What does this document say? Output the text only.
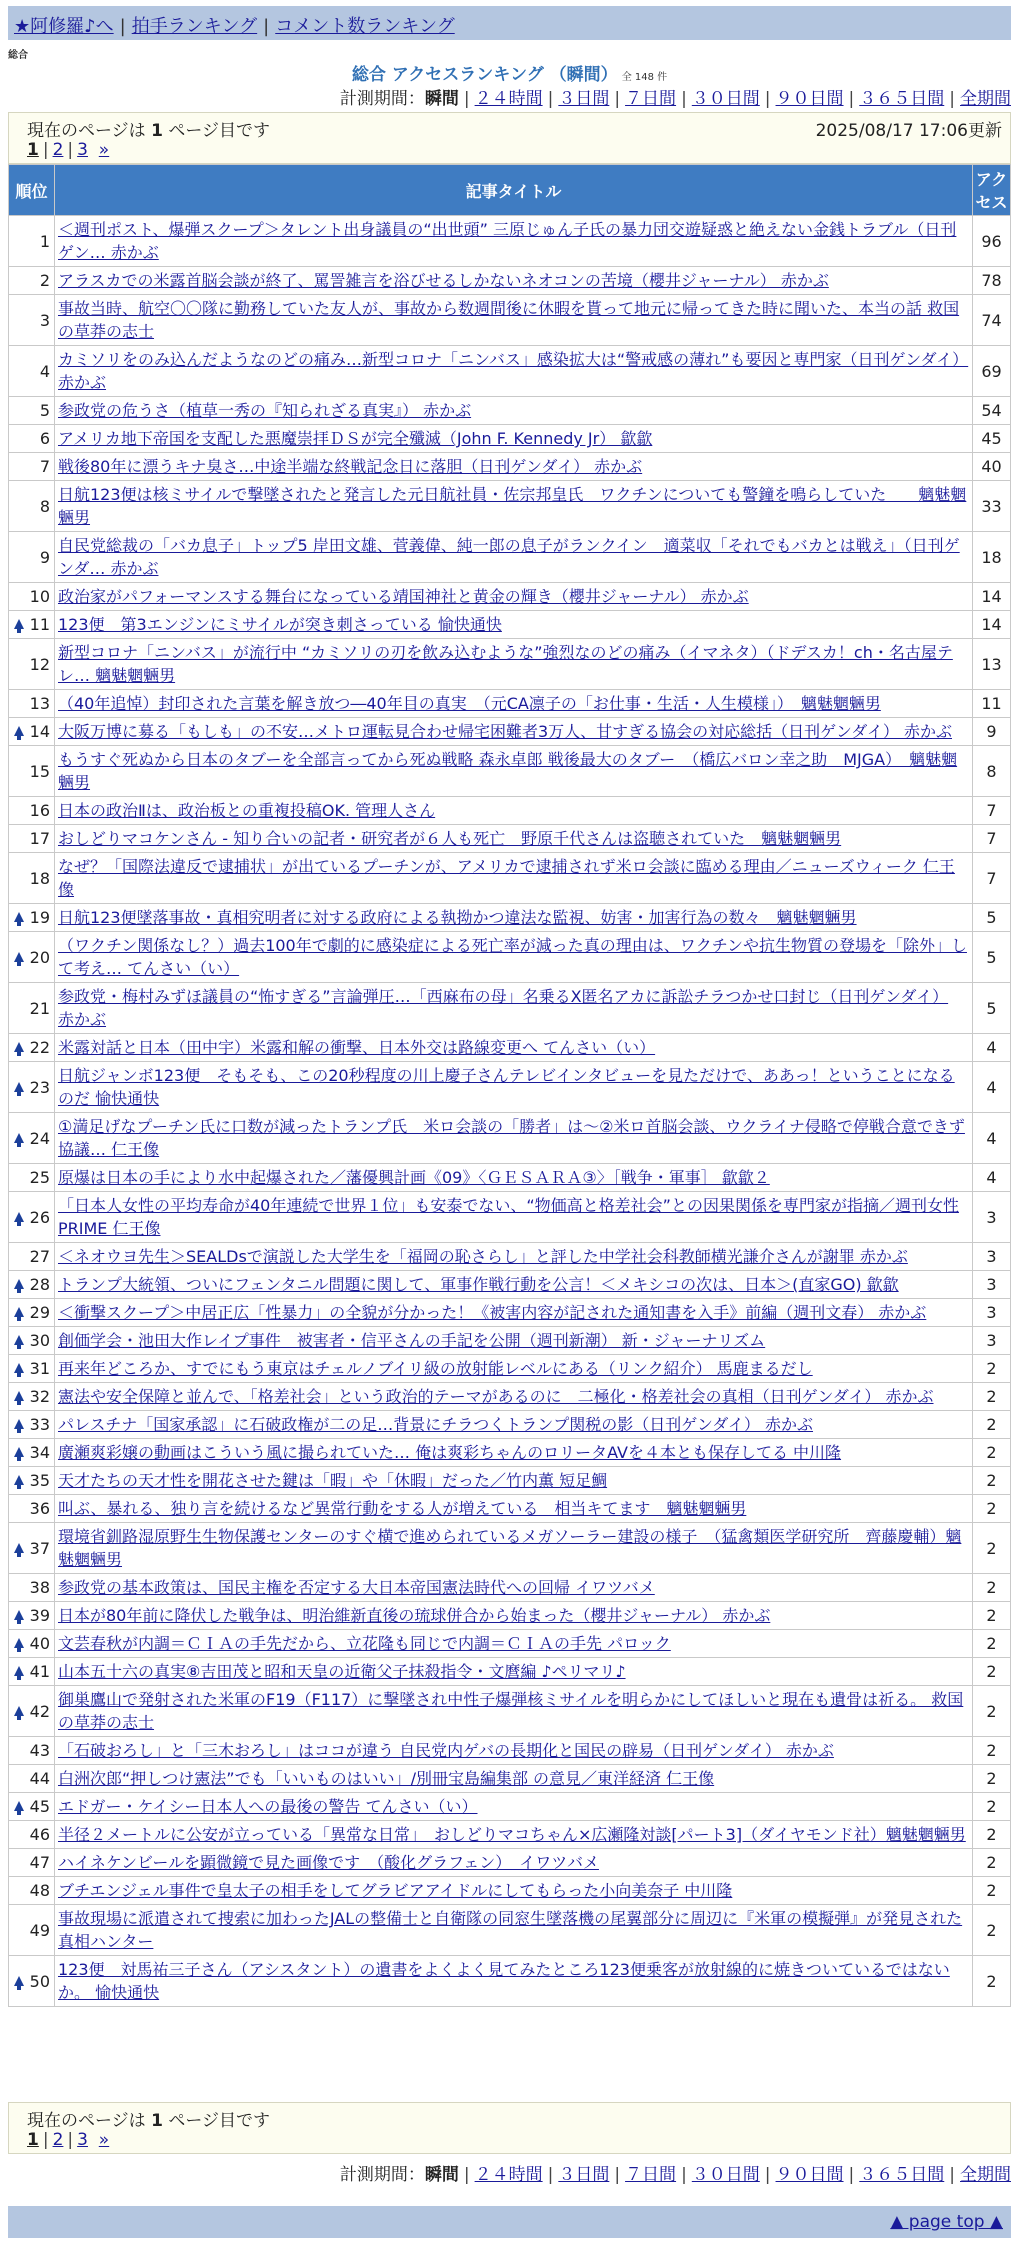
★阿修羅♪へ | 拍手ランキング | コメント数ランキング
総合
総合 アクセスランキング （瞬間） 全 148 件
計測期間：瞬間 | ２４時間 | ３日間 | ７日間 | ３０日間 | ９０日間 | ３６５日間 | 全期間
現在のページは 1 ページ目です	2025/08/17 17:06更新
1 | 2 | 3 »
順位	記事タイトル	アクセス
1	＜週刊ポスト、爆弾スクープ＞タレント出身議員の“出世頭” 三原じゅん子氏の暴力団交遊疑惑と絶えない金銭トラブル（日刊ゲン… 赤かぶ	96
2	アラスカでの米露首脳会談が終了、罵詈雑言を浴びせるしかないネオコンの苦境（櫻井ジャーナル） 赤かぶ	78
3	事故当時、航空〇〇隊に勤務していた友人が、事故から数週間後に休暇を貰って地元に帰ってきた時に聞いた、本当の話 救国の草莽の志士	74
4	カミソリをのみ込んだようなのどの痛み…新型コロナ「ニンバス」感染拡大は“警戒感の薄れ”も要因と専門家（日刊ゲンダイ） 赤かぶ	69
5	参政党の危うさ（植草一秀の『知られざる真実』） 赤かぶ	54
6	アメリカ地下帝国を支配した悪魔崇拝ＤＳが完全殲滅（John F. Kennedy Jr） 歙歙	45
7	戦後80年に漂うキナ臭さ…中途半端な終戦記念日に落胆（日刊ゲンダイ） 赤かぶ	40
8	日航123便は核ミサイルで撃墜されたと発言した元日航社員・佐宗邦皇氏　ワクチンについても警鐘を鳴らしていた　　魑魅魍魎男	33
9	自民党総裁の「バカ息子」トップ5 岸田文雄、菅義偉、純一郎の息子がランクイン　適菜収「それでもバカとは戦え」（日刊ゲンダ… 赤かぶ	18
10	政治家がパフォーマンスする舞台になっている靖国神社と黄金の輝き（櫻井ジャーナル） 赤かぶ	14
11	123便　第3エンジンにミサイルが突き刺さっている 愉快通快	14
12	新型コロナ「ニンバス」が流行中 “カミソリの刃を飲み込むような”強烈なのどの痛み（イマネタ）（ドデスカ！ch・名古屋テレ… 魑魅魍魎男	13
13	（40年追悼）封印された言葉を解き放つ―40年目の真実　（元CA凛子の「お仕事・生活・人生模様」）　魑魅魍魎男	11
14	大阪万博に募る「もしも」の不安…メトロ運転見合わせ帰宅困難者3万人、甘すぎる協会の対応総括（日刊ゲンダイ） 赤かぶ	9
15	もうすぐ死ぬから日本のタブーを全部言ってから死ぬ戦略 森永卓郎 戦後最大のタブー　（橋広バロン幸之助　MJGA）　魑魅魍魎男	8
16	日本の政治Ⅱは、政治板との重複投稿OK. 管理人さん	7
17	おしどりマコケンさん - 知り合いの記者・研究者が６人も死亡　野原千代さんは盗聴されていた　魑魅魍魎男	7
18	なぜ？「国際法違反で逮捕状」が出ているプーチンが、アメリカで逮捕されず米ロ会談に臨める理由／ニューズウィーク 仁王像	7
19	日航123便墜落事故・真相究明者に対する政府による執拗かつ違法な監視、妨害・加害行為の数々　魑魅魍魎男	5
20	（ワクチン関係なし？）過去100年で劇的に感染症による死亡率が減った真の理由は、ワクチンや抗生物質の登場を「除外」して考え… てんさい（い）	5
21	参政党・梅村みずほ議員の“怖すぎる”言論弾圧…「西麻布の母」名乗るX匿名アカに訴訟チラつかせ口封じ（日刊ゲンダイ） 赤かぶ	5
22	米露対話と日本（田中宇）米露和解の衝撃、日本外交は路線変更へ てんさい（い）	4
23	日航ジャンボ123便　そもそも、この20秒程度の川上慶子さんテレビインタビューを見ただけで、ああっ！ということになるのだ 愉快通快	4
24	①満足げなプーチン氏に口数が減ったトランプ氏　米ロ会談の「勝者」は～②米ロ首脳会談、ウクライナ侵略で停戦合意できず協議… 仁王像	4
25	原爆は日本の手により水中起爆された／藩優興計画《09》〈ＧＥＳＡＲＡ③〉［戦争・軍事］ 歙歙２	4
26	「日本人女性の平均寿命が40年連続で世界１位」も安泰でない、“物価高と格差社会”との因果関係を専門家が指摘／週刊女性PRIME 仁王像	3
27	＜ネオウヨ先生＞SEALDsで演説した大学生を「福岡の恥さらし」と評した中学社会科教師横光謙介さんが謝罪 赤かぶ	3
28	トランプ大統領、ついにフェンタニル問題に関して、軍事作戦行動を公言！＜メキシコの次は、日本＞(直家GO) 歙歙	3
29	＜衝撃スクープ＞中居正広「性暴力」の全貌が分かった！《被害内容が記された通知書を入手》前編（週刊文春） 赤かぶ	3
30	創価学会・池田大作レイプ事件　被害者・信平さんの手記を公開（週刊新潮） 新・ジャーナリズム	3
31	再来年どころか、すでにもう東京はチェルノブイリ級の放射能レベルにある（リンク紹介） 馬鹿まるだし	2
32	憲法や安全保障と並んで、「格差社会」という政治的テーマがあるのに　二極化・格差社会の真相（日刊ゲンダイ） 赤かぶ	2
33	パレスチナ「国家承認」に石破政権が二の足…背景にチラつくトランプ関税の影（日刊ゲンダイ） 赤かぶ	2
34	廣瀬爽彩嬢の動画はこういう風に撮られていた… 俺は爽彩ちゃんのロリータAVを４本とも保存してる 中川隆	2
35	天才たちの天才性を開花させた鍵は「暇」や「休暇」だった／竹内薫 短足鯛	2
36	叫ぶ、暴れる、独り言を続けるなど異常行動をする人が増えている　相当キてます　魑魅魍魎男	2
37	環境省釧路湿原野生生物保護センターのすぐ横で進められているメガソーラー建設の様子　（猛禽類医学研究所　齊藤慶輔）魑魅魍魎男	2
38	参政党の基本政策は、国民主権を否定する大日本帝国憲法時代への回帰 イワツバメ	2
39	日本が80年前に降伏した戦争は、明治維新直後の琉球併合から始まった（櫻井ジャーナル） 赤かぶ	2
40	文芸春秋が内調＝ＣＩＡの手先だから、立花隆も同じで内調＝ＣＩＡの手先 パロック	2
41	山本五十六の真実⑧吉田茂と昭和天皇の近衛父子抹殺指令・文麿編 ♪ペリマリ♪	2
42	御巣鷹山で発射された米軍のF19（F117）に撃墜され中性子爆弾核ミサイルを明らかにしてほしいと現在も遺骨は祈る。 救国の草莽の志士	2
43	「石破おろし」と「三木おろし」はココが違う 自民党内ゲバの長期化と国民の辟易（日刊ゲンダイ） 赤かぶ	2
44	白洲次郎“押しつけ憲法”でも「いいものはいい」/別冊宝島編集部 の意見／東洋経済 仁王像	2
45	エドガー・ケイシー日本人への最後の警告 てんさい（い）	2
46	半径２メートルに公安が立っている「異常な日常」　おしどりマコちゃん×広瀬隆対談[パート3]（ダイヤモンド社）魑魅魍魎男	2
47	ハイネケンビールを顕微鏡で見た画像です　（酸化グラフェン）　イワツバメ	2
48	ブチエンジェル事件で皇太子の相手をしてグラビアアイドルにしてもらった小向美奈子 中川隆	2
49	事故現場に派遣されて捜索に加わったJALの整備士と自衛隊の同窓生墜落機の尾翼部分に周辺に『米軍の模擬弾』が発見された 真相ハンター	2
50	123便　対馬祐三子さん（アシスタント）の遺書をよくよく見てみたところ123便乗客が放射線的に焼きついているではないか。 愉快通快	2
現在のページは 1 ページ目です
1 | 2 | 3 »
計測期間：瞬間 | ２４時間 | ３日間 | ７日間 | ３０日間 | ９０日間 | ３６５日間 | 全期間
▲ page top ▲
